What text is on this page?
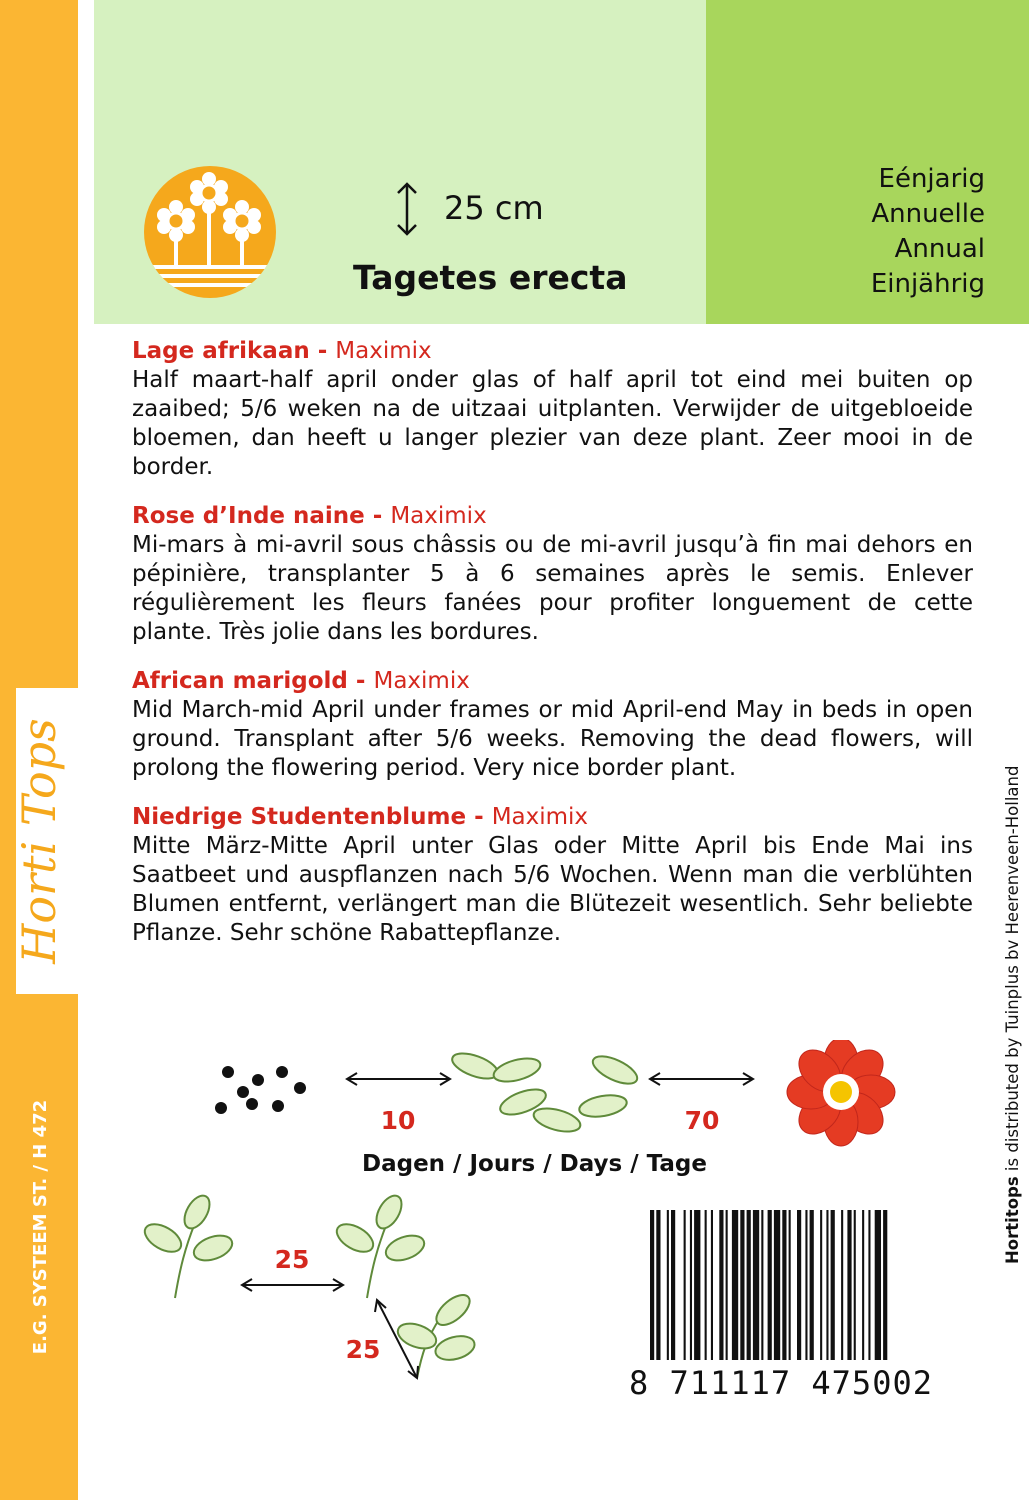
Horti Tops
E.G. SYSTEEM ST. / H 472
25 cm
Tagetes erecta
Eénjarig
Annuelle
Annual
Einjährig
Lage afrikaan - Maximix
Half maart-half april onder glas of half april tot eind mei buiten op zaaibed; 5/6 weken na de uitzaai uitplanten. Verwijder de uitgebloeide bloemen, dan heeft u langer plezier van deze plant. Zeer mooi in de border.
Rose d’Inde naine - Maximix
Mi-mars à mi-avril sous châssis ou de mi-avril jusqu’à fin mai dehors en pépinière, transplanter 5 à 6 semaines après le semis. Enlever régulièrement les fleurs fanées pour profiter longuement de cette plante. Très jolie dans les bordures.
African marigold - Maximix
Mid March-mid April under frames or mid April-end May in beds in open ground. Transplant after 5/6 weeks. Removing the dead flowers, will prolong the flowering period. Very nice border plant.
Niedrige Studentenblume - Maximix
Mitte März-Mitte April unter Glas oder Mitte April bis Ende Mai ins Saatbeet und auspflanzen nach 5/6 Wochen. Wenn man die verblühten Blumen entfernt, verlängert man die Blütezeit wesentlich. Sehr beliebte Pflanze. Sehr schöne Rabattepflanze.
Hortitops is distributed by Tuinplus bv Heerenveen-Holland
10	70
Dagen / Jours / Days / Tage
25
25
8 711117 475002
